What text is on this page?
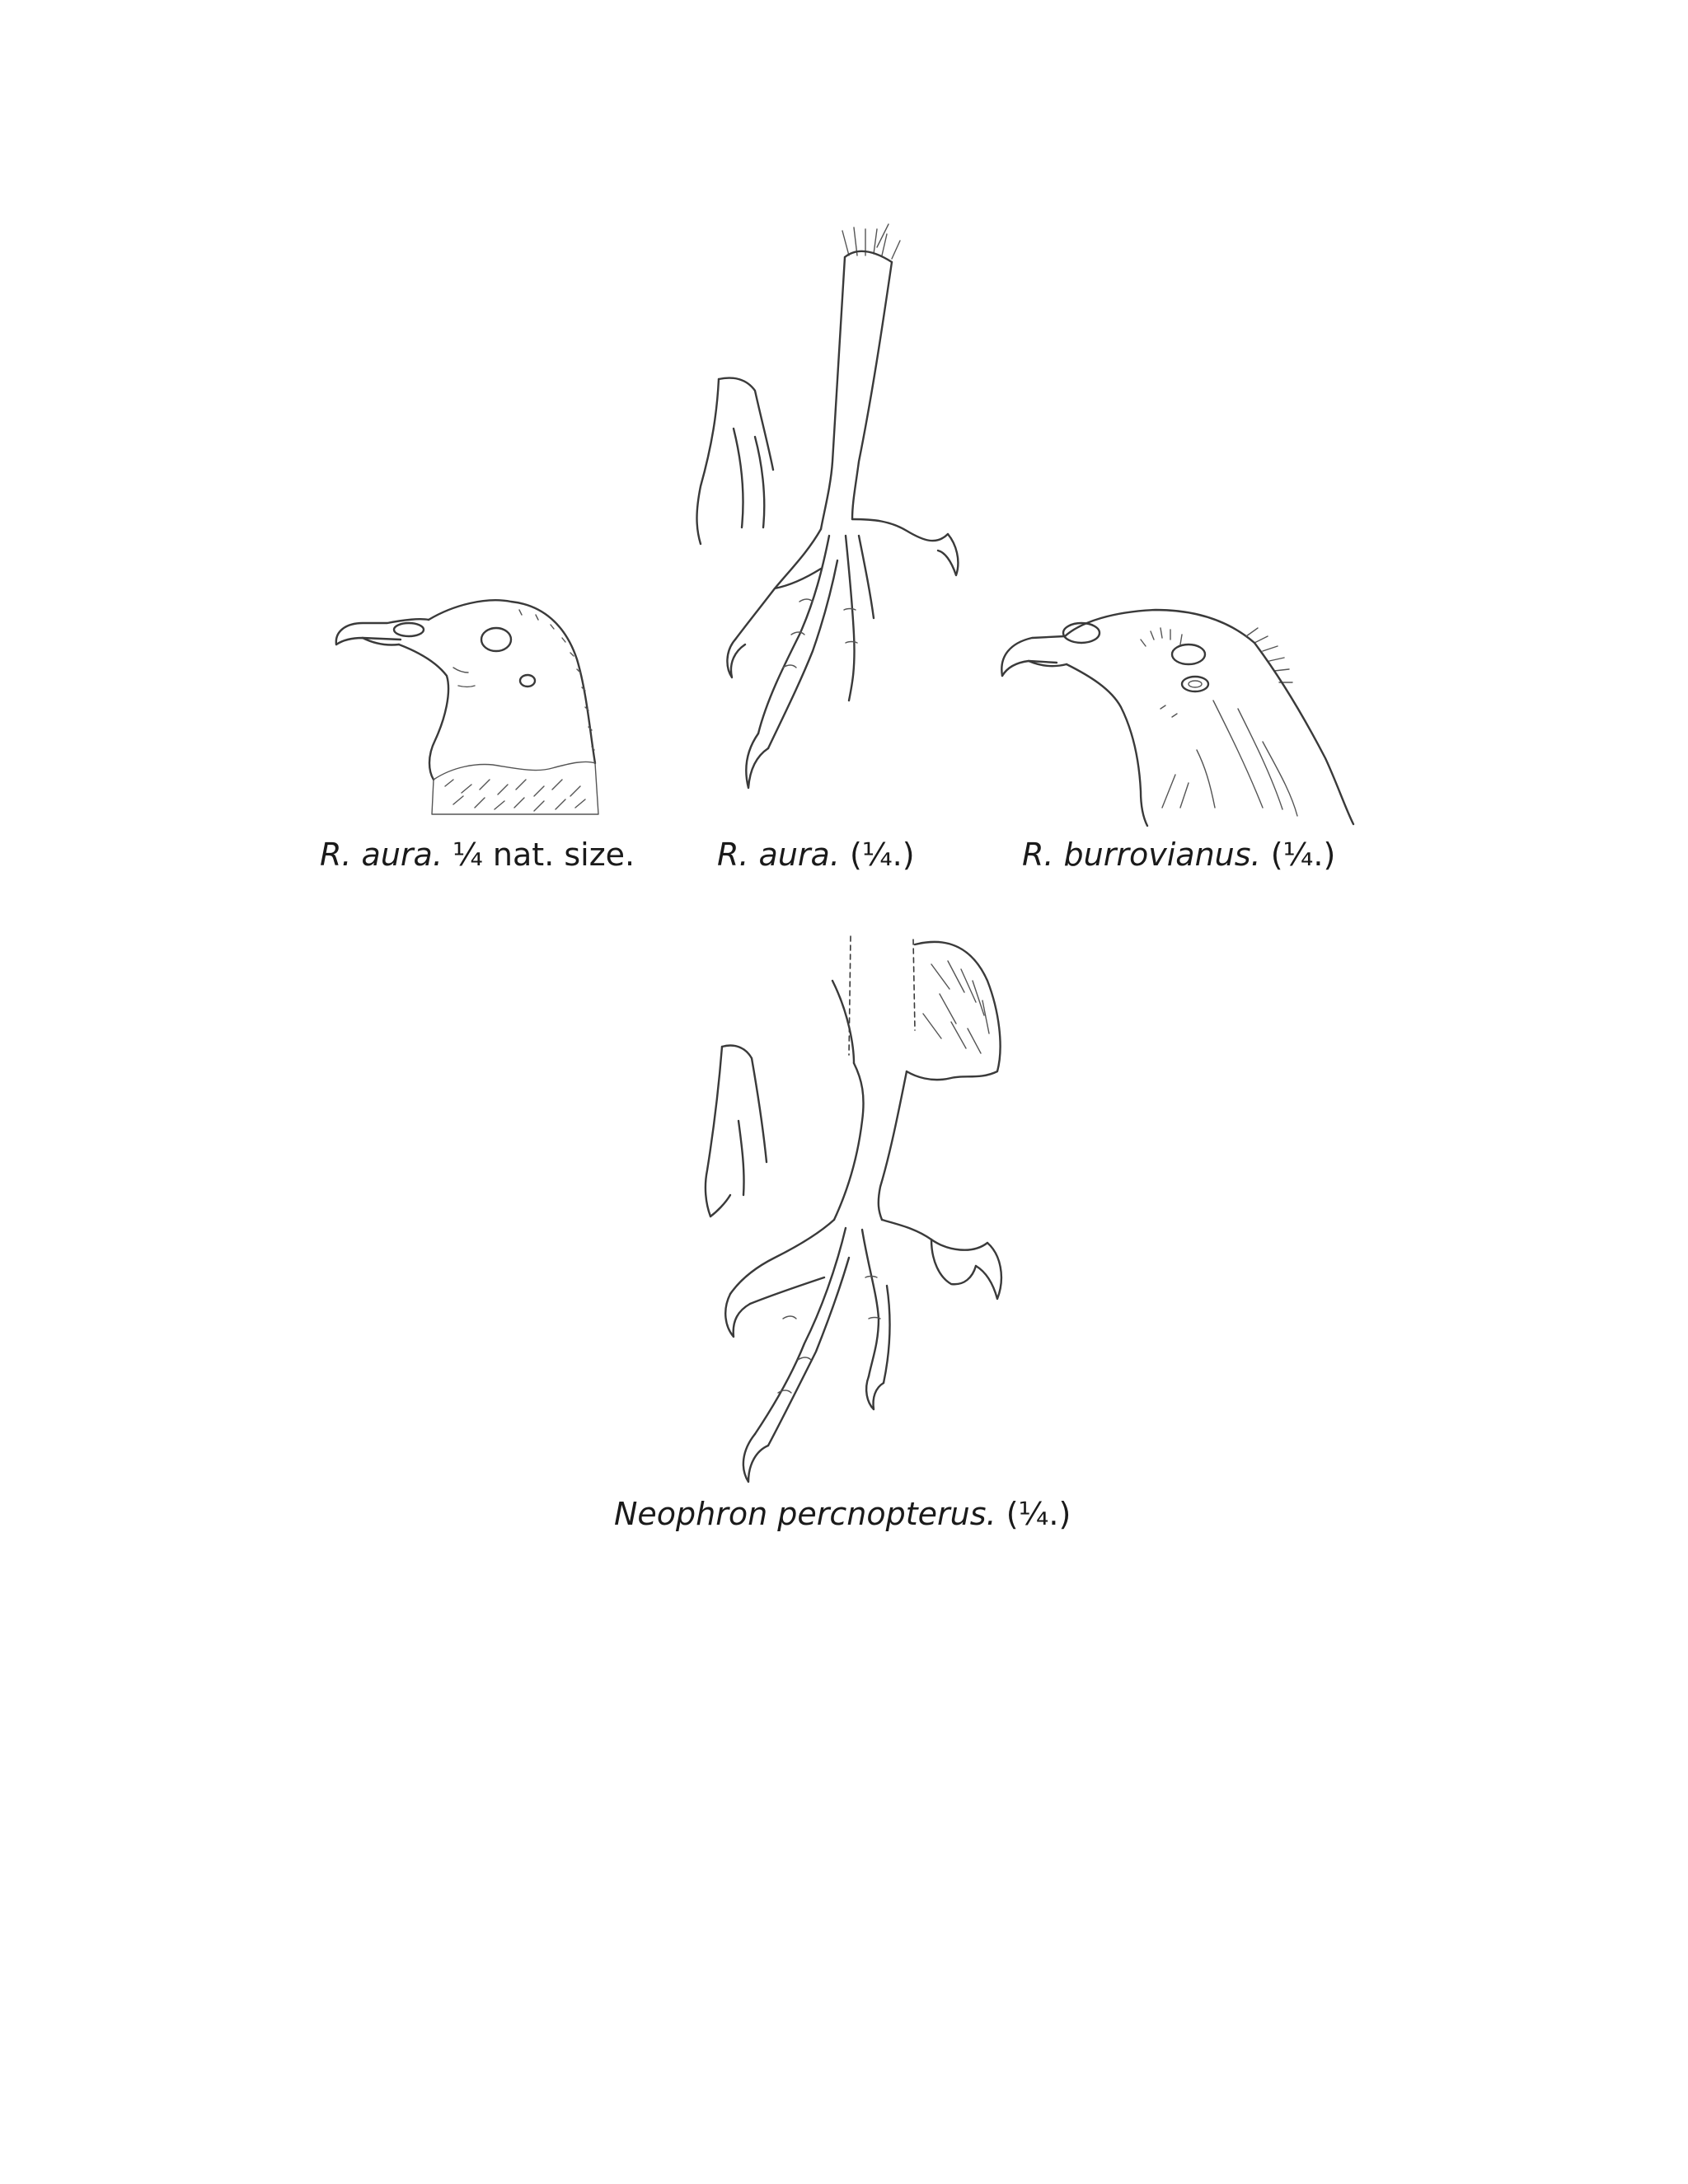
R. aura. ¼ nat. size.	R. aura. (¼.)	R. burrovianus. (¼.)
Neophron percnopterus. (¼.)
